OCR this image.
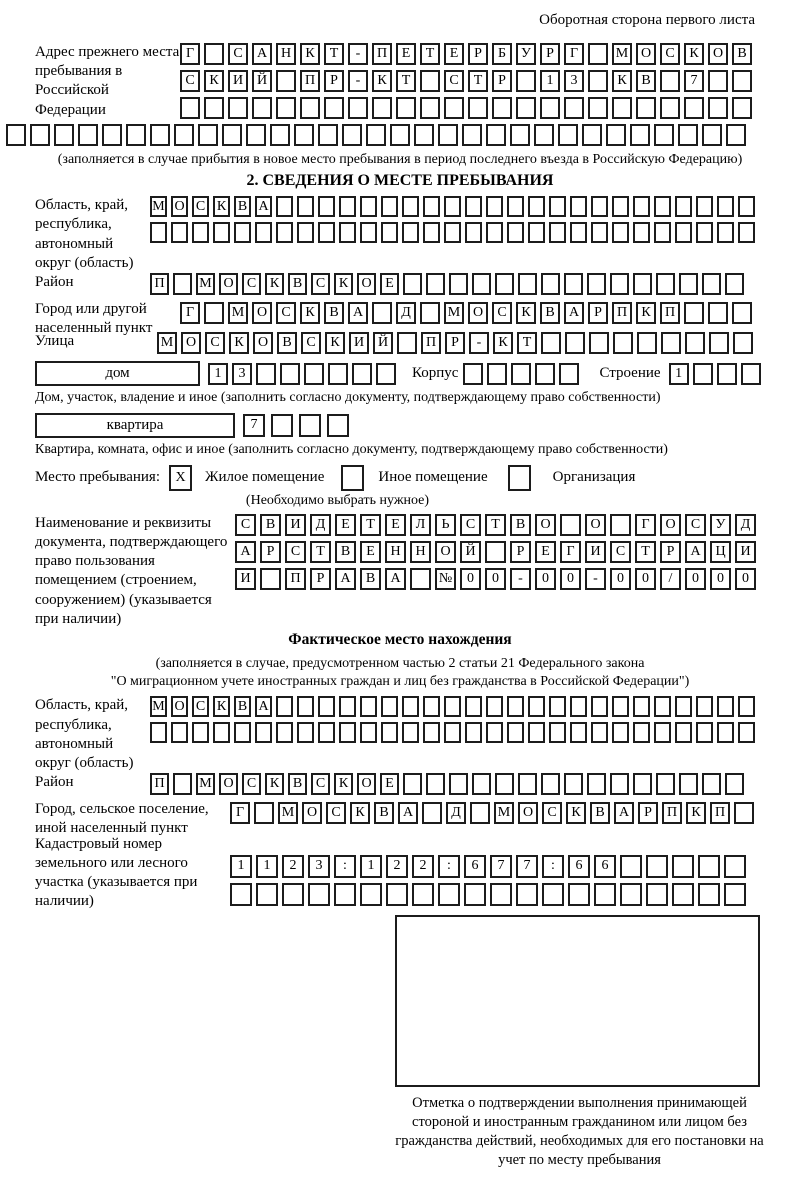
Оборотная сторона первого листа
Адрес прежнего места пребывания в Российской Федерации
Г	С	А Н	К	Т	-	П	Е	Т	Е	Р	Б	У	Р	Г	М О	С	К	О	В
С	К	И Й	П	Р	-	К	Т	С	Т	Р	1	3	К	В	7
(заполняется в случае прибытия в новое место пребывания в период последнего въезда в Российскую Федерацию)
2. СВЕДЕНИЯ О МЕСТЕ ПРЕБЫВАНИЯ
Область, край, республика, автономный округ (область)
М О С К В А
Район	П	М О С К В С К О Е
Город или другой населенный пункт
Г	М О	С	К	В	А	Д	М О	С	К	В	А	Р	П	К	П
Улица	М О	С	К	О	В	С	К	И Й	П	Р	-	К	Т
дом	1	3	Корпус	Строение	1
Дом, участок, владение и иное (заполнить согласно документу, подтверждающему право собственности)
квартира	7
Квартира, комната, офис и иное (заполнить согласно документу, подтверждающему право собственности)
Место пребывания:	X	Жилое помещение	Иное помещение	Организация
(Необходимо выбрать нужное)
Наименование и реквизиты документа, подтверждающего право пользования помещением (строением, сооружением) (указывается при наличии)
С	В	И	Д	Е	Т	Е	Л	Ь	С	Т	В	О	О	Г	О	С	У	Д
А	Р	С	Т	В	Е	Н	Н	О	Й	Р	Е	Г	И	С	Т	Р	А	Ц	И
И	П	Р	А	В	А	№	0	0	-	0	0	-	0	0	/	0	0	0
Фактическое место нахождения
(заполняется в случае, предусмотренном частью 2 статьи 21 Федерального закона
"О миграционном учете иностранных граждан и лиц без гражданства в Российской Федерации")
Область, край, республика, автономный округ (область)
М О С К В А
Район	П	М О С К В С К О Е
Город, сельское поселение, иной населенный пункт
Г	М О	С	К	В	А	Д	М О	С	К	В	А	Р	П	К	П
Кадастровый номер земельного или лесного участка (указывается при наличии)
1	1	2	3	:	1	2	2	:	6	7	7	:	6	6
Отметка о подтверждении выполнения принимающей стороной и иностранным гражданином или лицом без гражданства действий, необходимых для его постановки на учет по месту пребывания
